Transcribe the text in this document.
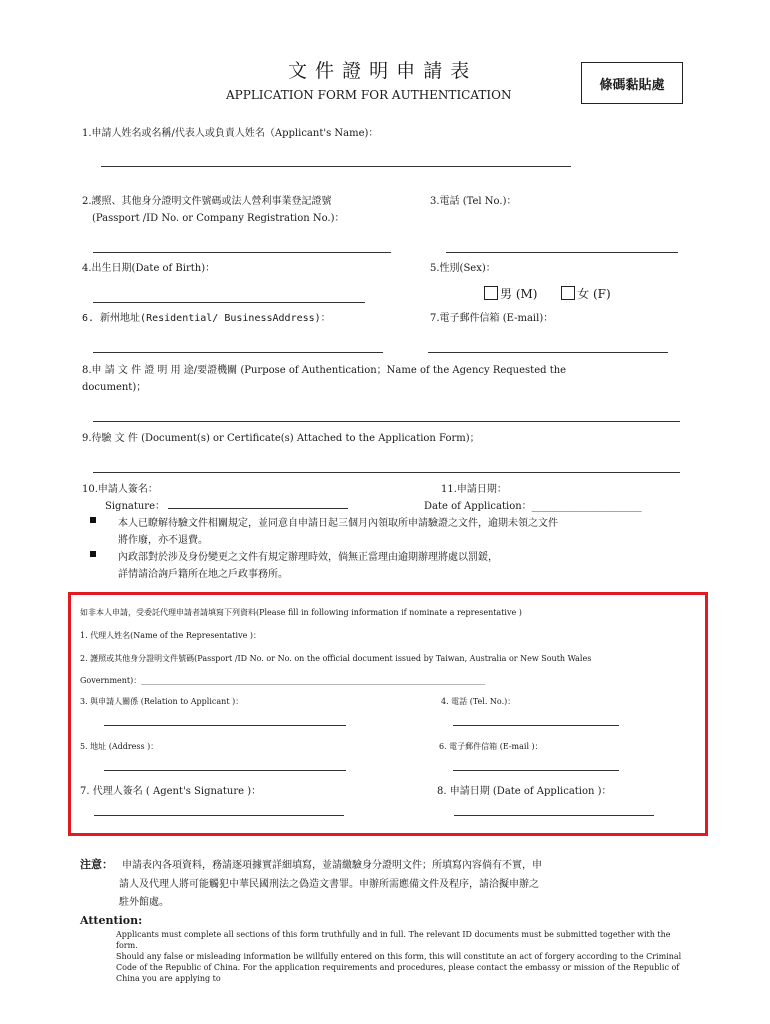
文 件 證 明 申 請 表
APPLICATION FORM FOR AUTHENTICATION
條碼黏貼處
1.申請人姓名或名稱/代表人或負責人姓名（Applicant's Name)：
2.護照、其他身分證明文件號碼或法人營利事業登記證號
(Passport /ID No. or Company Registration No.)：
3.電話 (Tel No.)：
4.出生日期(Date of Birth)：	5.性別(Sex)：
男 (M)	女 (F)
6. 新州地址(Residential/ BusinessAddress)：	7.電子郵件信箱 (E-mail)：
8.申 請 文 件 證 明 用 途/要證機關 (Purpose of Authentication；Name of the Agency Requested the
document)；
9.待驗 文 件 (Document(s) or Certificate(s) Attached to the Application Form)；
10.申請人簽名：	11.申請日期：
Signature：	Date of Application：______________________
本人已瞭解待驗文件相關規定，並同意自申請日起三個月內領取所申請驗證之文件，逾期未領之文件
將作廢，亦不退費。
內政部對於涉及身份變更之文件有規定辦理時效，倘無正當理由逾期辦理將處以罰鍰，
詳情請洽詢戶籍所在地之戶政事務所。
如非本人申請，受委託代理申請者請填寫下列資料(Please fill in following information if nominate a representative )
1. 代理人姓名(Name of the Representative )：
2. 護照或其他身分證明文件號碼(Passport /ID No. or No. on the official document issued by Taiwan, Australia or New South Wales
Government)：______________________________________________________________________________________
3. 與申請人關係 (Relation to Applicant )：	4. 電話 (Tel. No.)：
5. 地址 (Address )：	6. 電子郵件信箱 (E-mail )：
7. 代理人簽名 ( Agent's Signature )：	8. 申請日期 (Date of Application )：
注意： 申請表內各項資料，務請逐項據實詳細填寫，並請繳驗身分證明文件；所填寫內容倘有不實，申
請人及代理人將可能觸犯中華民國刑法之偽造文書罪。申辦所需應備文件及程序，請洽擬申辦之
駐外館處。
Attention:
Applicants must complete all sections of this form truthfully and in full. The relevant ID documents must be submitted together with the
form.
Should any false or misleading information be willfully entered on this form, this will constitute an act of forgery according to the Criminal
Code of the Republic of China. For the application requirements and procedures, please contact the embassy or mission of the Republic of
China you are applying to
